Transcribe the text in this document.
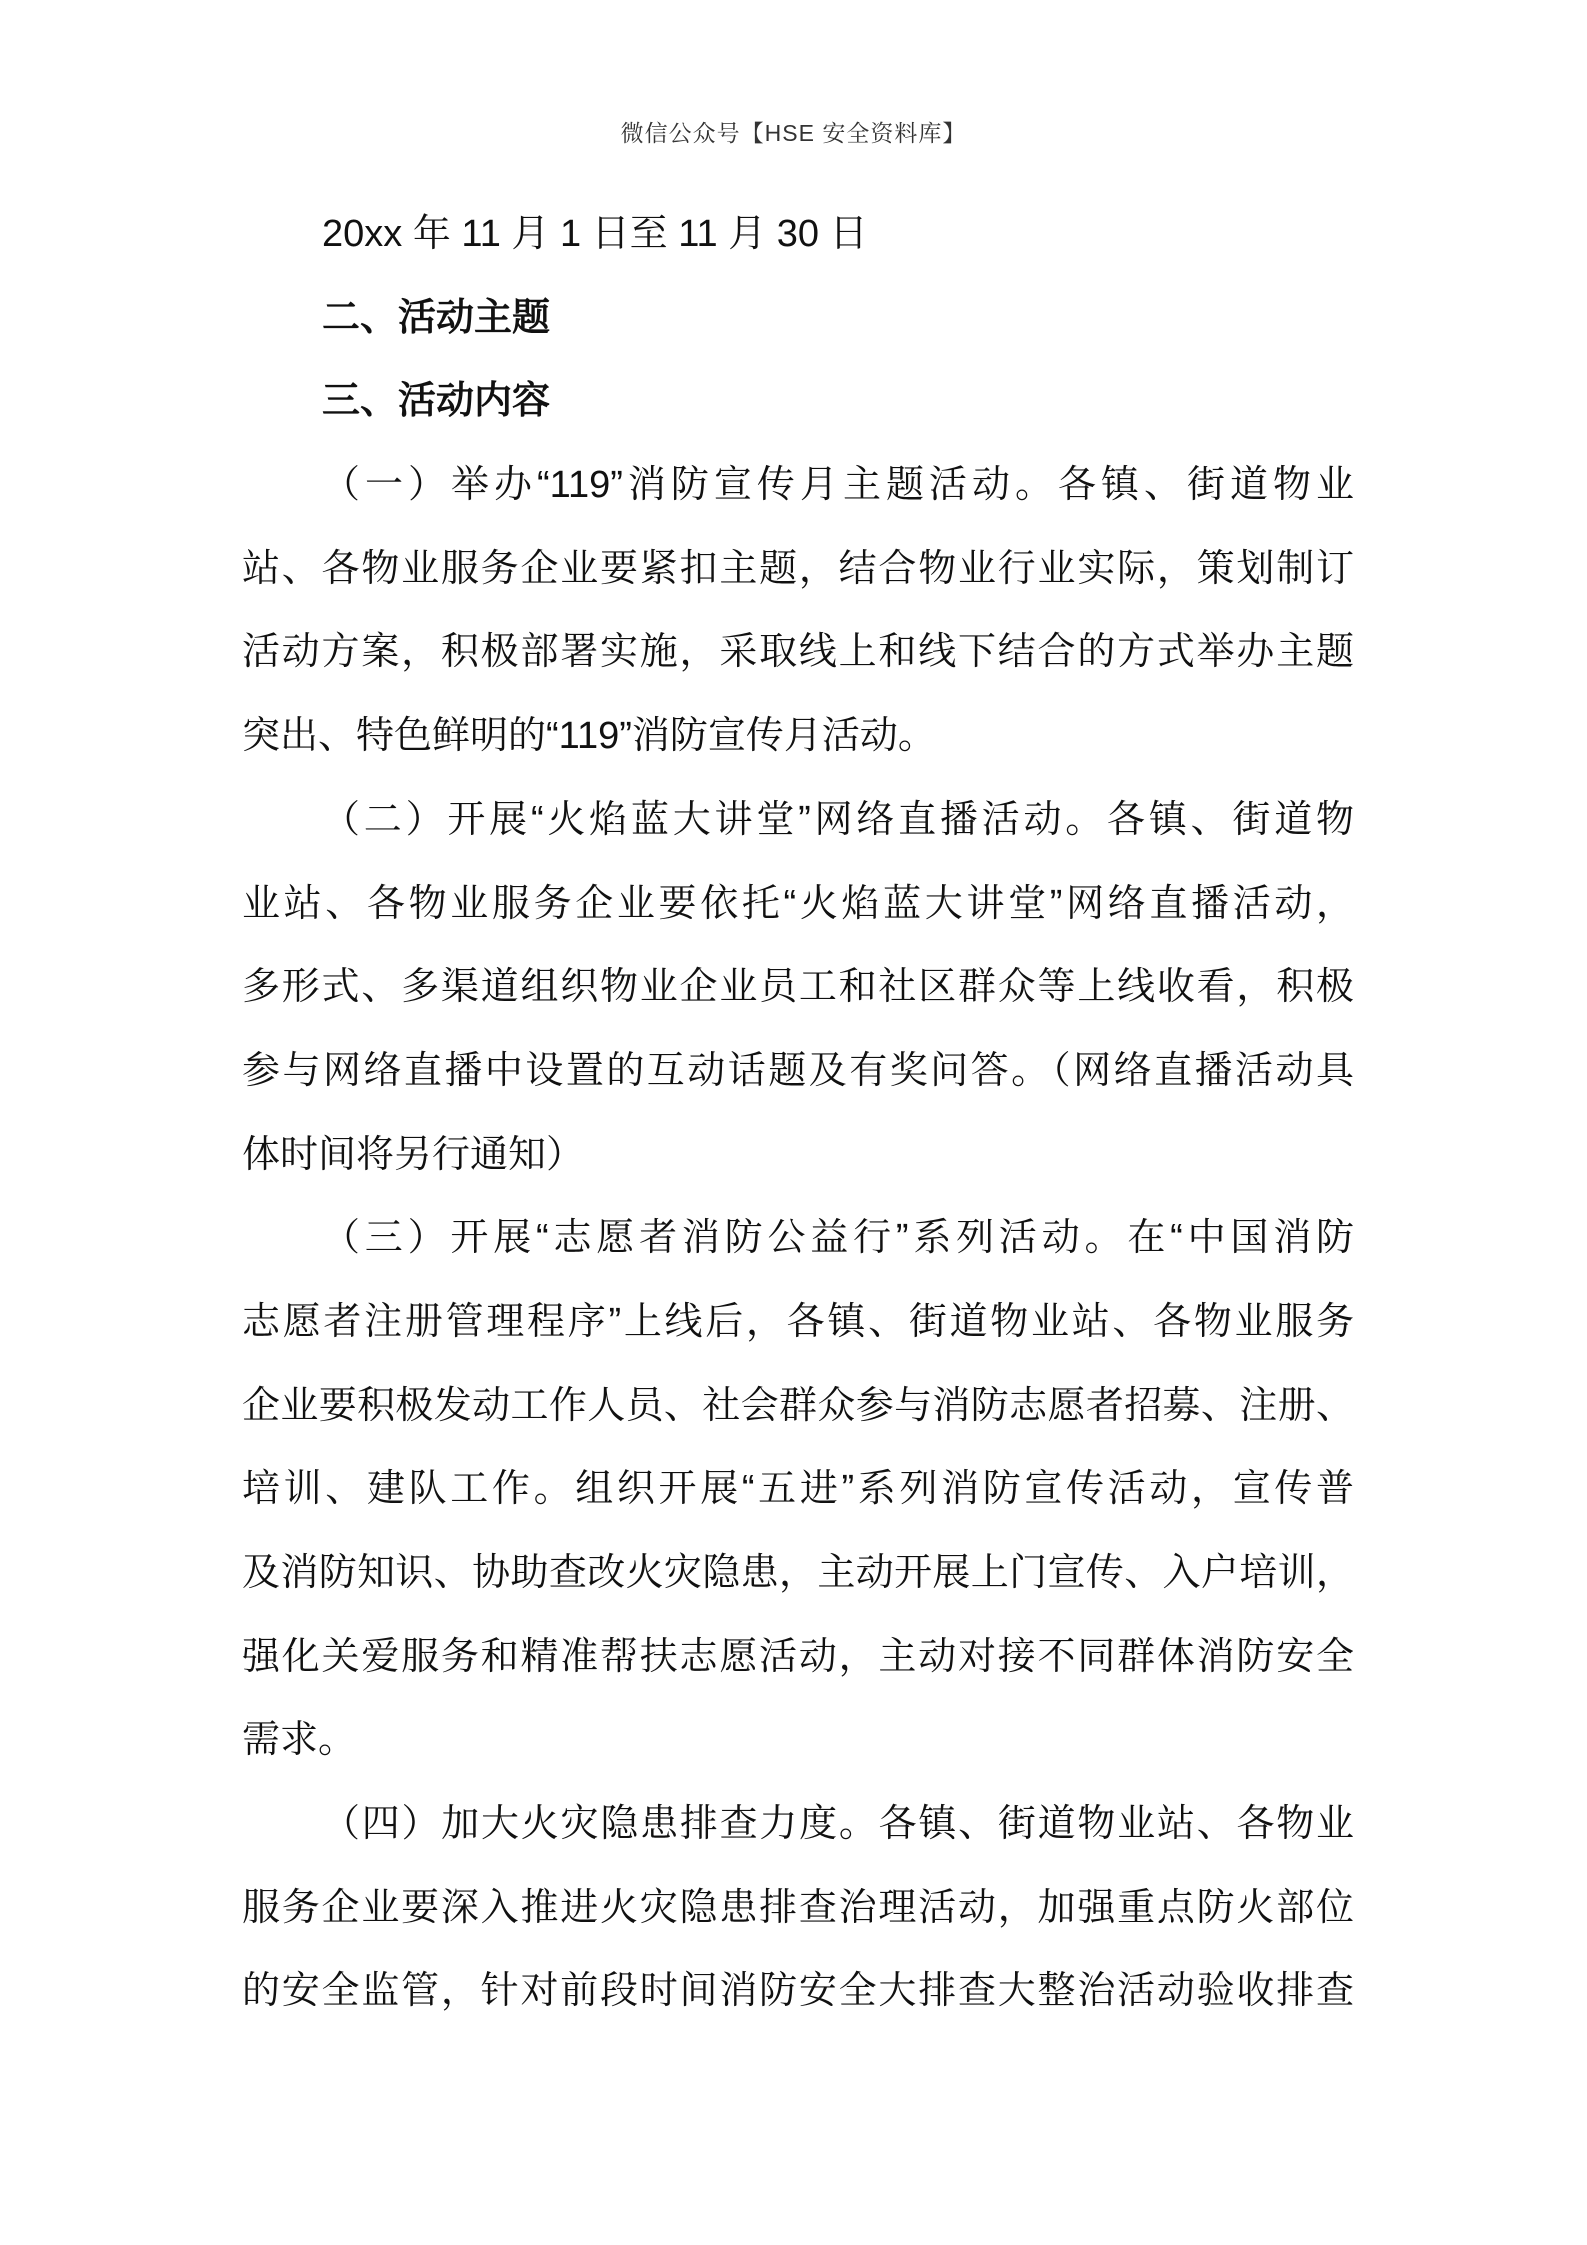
微信公众号【HSE 安全资料库】
20xx 年 11 月 1 日至 11 月 30 日
二、活动主题
三、活动内容
（一）举办“119”消防宣传月主题活动。各镇、街道物业
站、各物业服务企业要紧扣主题，结合物业行业实际，策划制订
活动方案，积极部署实施，采取线上和线下结合的方式举办主题
突出、特色鲜明的“119”消防宣传月活动。
（二）开展“火焰蓝大讲堂”网络直播活动。各镇、街道物
业站、各物业服务企业要依托“火焰蓝大讲堂”网络直播活动，
多形式、多渠道组织物业企业员工和社区群众等上线收看，积极
参与网络直播中设置的互动话题及有奖问答。（网络直播活动具
体时间将另行通知）
（三）开展“志愿者消防公益行”系列活动。在“中国消防
志愿者注册管理程序”上线后，各镇、街道物业站、各物业服务
企业要积极发动工作人员、社会群众参与消防志愿者招募、注册、
培训、建队工作。组织开展“五进”系列消防宣传活动，宣传普
及消防知识、协助查改火灾隐患，主动开展上门宣传、入户培训，
强化关爱服务和精准帮扶志愿活动，主动对接不同群体消防安全
需求。
（四）加大火灾隐患排查力度。各镇、街道物业站、各物业
服务企业要深入推进火灾隐患排查治理活动，加强重点防火部位
的安全监管，针对前段时间消防安全大排查大整治活动验收排查
